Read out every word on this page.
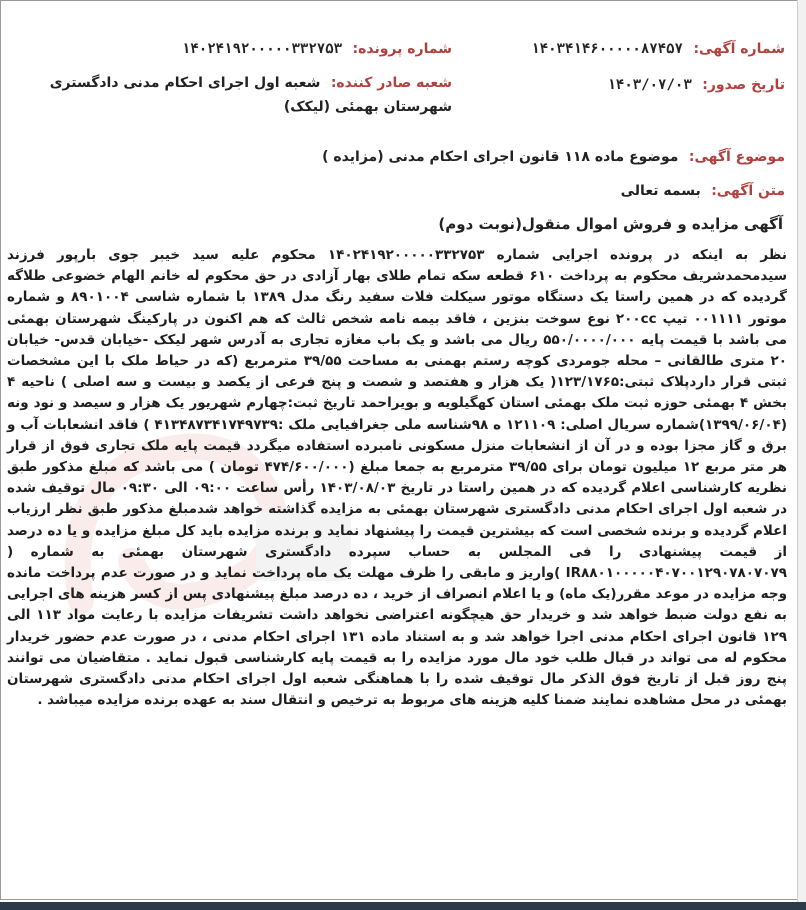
شماره آگهی: ۱۴۰۳۴۱۴۶۰۰۰۰۰۸۷۴۵۷
شماره پرونده: ۱۴۰۲۴۱۹۲۰۰۰۰۰۳۳۲۷۵۳
تاریخ صدور: ۱۴۰۳/۰۷/۰۳
شعبه صادر کننده: شعبه اول اجرای احکام مدنی دادگستری شهرستان بهمئی (لیکک)
موضوع آگهی: موضوع ماده ۱۱۸ قانون اجرای احکام مدنی (مزایده )
متن آگهی: بسمه تعالی
آگهی مزایده و فروش اموال منقول(نوبت دوم)
نظر به اینکه در پرونده اجرایی شماره ۱۴۰۲۴۱۹۲۰۰۰۰۰۳۳۲۷۵۳ محکوم علیه سید خیبر جوی بارپور فرزند سیدمحمدشریف محکوم به پرداخت ۶۱۰ قطعه سکه تمام طلای بهار آزادی در حق محکوم له خانم الهام خضوعی طلاگه گردیده که در همین راستا یک دستگاه موتور سیکلت فلات سفید رنگ مدل ۱۳۸۹ با شماره شاسی ۸۹۰۱۰۰۴ و شماره موتور ۰۰۱۱۱۱ تیپ ۲۰۰cc نوع سوخت بنزین ، فاقد بیمه نامه شخص ثالث که هم اکنون در پارکینگ شهرستان بهمئی می باشد با قیمت پایه ۵۵۰/۰۰۰۰/۰۰۰ ریال می باشد و یک باب مغازه تجاری به آدرس شهر لیکک -خیابان قدس- خیابان ۲۰ متری طالقانی – محله جومردی کوچه رستم بهمنی به مساحت ۳۹/۵۵ مترمربع (که در حیاط ملک با این مشخصات ثبتی قرار داردپلاک ثبتی:۱۲۳/۱۷۶۵( یک هزار و هفتصد و شصت و پنج فرعی از یکصد و بیست و سه اصلی ) ناحیه ۴ بخش ۴ بهمئی حوزه ثبت ملک بهمئی استان کهگیلویه و بویراحمد تاریخ ثبت:چهارم شهریور یک هزار و سیصد و نود ونه (۱۳۹۹/۰۶/۰۴)شماره سریال اصلی: ۱۲۱۱۰۹ ه ۹۸شناسه ملی جغرافیایی ملک :۴۱۳۴۸۷۳۴۱۷۴۹۷۳۹ ) فاقد انشعابات آب و برق و گاز مجزا بوده و در آن از انشعابات منزل مسکونی نامبرده استفاده میگردد قیمت پایه ملک تجاری فوق از قرار هر متر مربع ۱۲ میلیون تومان برای ۳۹/۵۵ مترمربع به جمعا مبلغ (۴۷۴/۶۰۰/۰۰۰ تومان ) می باشد که مبلغ مذکور طبق نظریه کارشناسی اعلام گردیده که در همین راستا در تاریخ ۱۴۰۳/۰۸/۰۳ رأس ساعت ۰۹:۰۰ الی ۰۹:۳۰ مال توقیف شده در شعبه اول اجرای احکام مدنی دادگستری شهرستان بهمئی به مزایده گذاشته خواهد شدمبلغ مذکور طبق نظر ارزیاب اعلام گردیده و برنده شخصی است که بیشترین قیمت را پیشنهاد نماید و برنده مزایده باید کل مبلغ مزایده و یا ده درصد از قیمت پیشنهادی را فی المجلس به حساب سپرده دادگستری شهرستان بهمئی به شماره ( IR۸۸۰۱۰۰۰۰۰۴۰۷۰۰۱۲۹۰۷۸۰۷۰۷۹ )واریز و مابقی را ظرف مهلت یک ماه پرداخت نماید و در صورت عدم پرداخت مانده وجه مزایده در موعد مقرر(یک ماه) و یا اعلام انصراف از خرید ، ده درصد مبلغ پیشنهادی پس از کسر هزینه های اجرایی به نفع دولت ضبط خواهد شد و خریدار حق هیچگونه اعتراضی نخواهد داشت تشریفات مزایده با رعایت مواد ۱۱۳ الی ۱۲۹ قانون اجرای احکام مدنی اجرا خواهد شد و به استناد ماده ۱۳۱ اجرای احکام مدنی ، در صورت عدم حضور خریدار محکوم له می تواند در قبال طلب خود مال مورد مزایده را به قیمت پایه کارشناسی قبول نماید . متقاضیان می توانند پنج روز قبل از تاریخ فوق الذکر مال توقیف شده را با هماهنگی شعبه اول اجرای احکام مدنی دادگستری شهرستان بهمئی در محل مشاهده نمایند ضمنا کلیه هزینه های مربوط به ترخیص و انتقال سند به عهده برنده مزایده میباشد .
